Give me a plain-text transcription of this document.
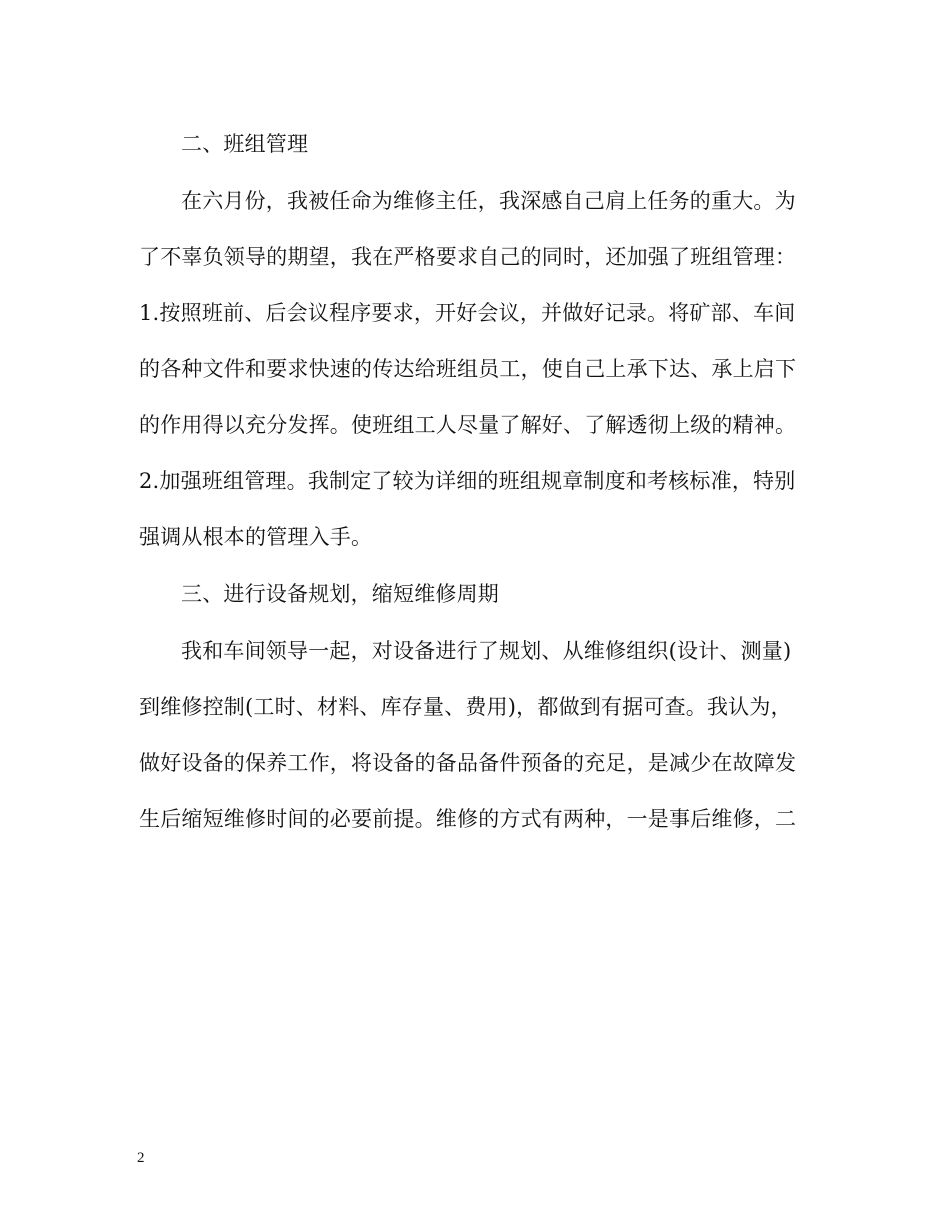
二、班组管理
在六月份，我被任命为维修主任，我深感自己肩上任务的重大。为
了不辜负领导的期望，我在严格要求自己的同时，还加强了班组管理：
1.按照班前、后会议程序要求，开好会议，并做好记录。将矿部、车间
的各种文件和要求快速的传达给班组员工，使自己上承下达、承上启下
的作用得以充分发挥。使班组工人尽量了解好、了解透彻上级的精神。
2.加强班组管理。我制定了较为详细的班组规章制度和考核标准，特别
强调从根本的管理入手。
三、进行设备规划，缩短维修周期
我和车间领导一起，对设备进行了规划、从维修组织(设计、测量)
到维修控制(工时、材料、库存量、费用)，都做到有据可查。我认为，
做好设备的保养工作，将设备的备品备件预备的充足，是减少在故障发
生后缩短维修时间的必要前提。维修的方式有两种，一是事后维修，二
2
